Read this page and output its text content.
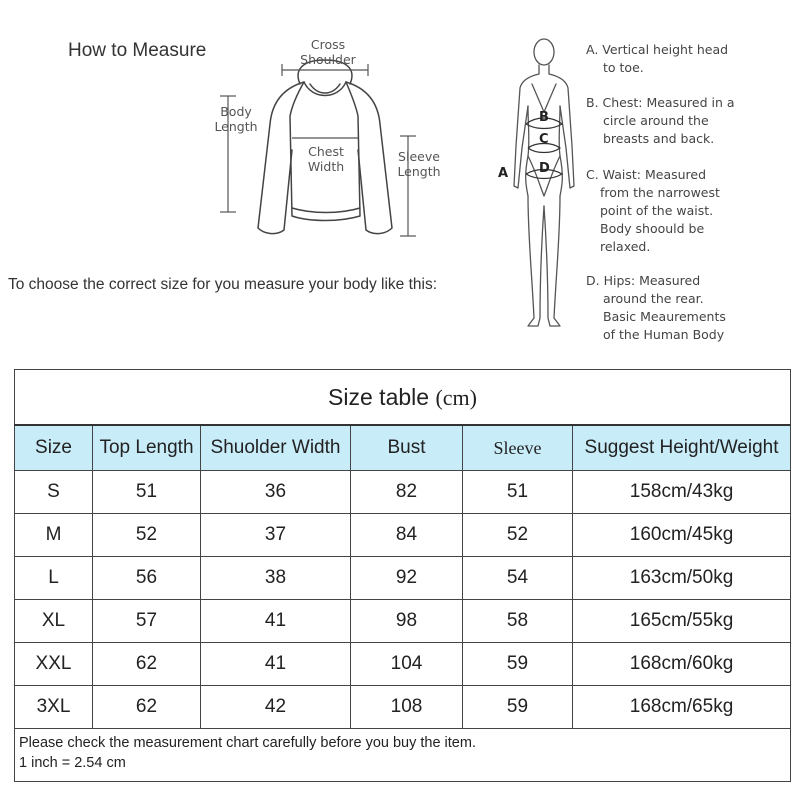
How to Measure	Cross
Shoulder
Body
Length
Chest
Width
Sleeve
Length
To choose the correct size for you measure your body like this:
A
B
C
D
A. Vertical height head
to toe.
B. Chest: Measured in a
circle around the
breasts and back.
C. Waist: Measured
from the narrowest
point of the waist.
Body shoould be
relaxed.
D. Hips: Measured
around the rear.
Basic Meaurements
of the Human Body
Size table (cm)					
Size	Top Length	Shuolder Width	Bust	Sleeve	Suggest Height/Weight
S	51	36	82	51	158cm/43kg
M	52	37	84	52	160cm/45kg
L	56	38	92	54	163cm/50kg
XL	57	41	98	58	165cm/55kg
XXL	62	41	104	59	168cm/60kg
3XL	62	42	108	59	168cm/65kg

Please check the measurement chart carefully before you buy the item.
1 inch = 2.54 cm					
